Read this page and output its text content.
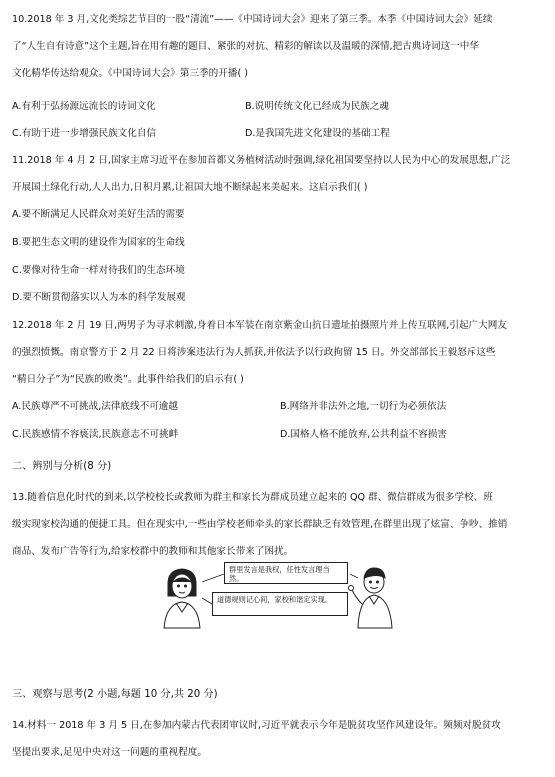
10.2018 年 3 月,文化类综艺节目的一股“清流”——《中国诗词大会》迎来了第三季。本季《中国诗词大会》延续
了“人生自有诗意”这个主题,旨在用有趣的题目、紧张的对抗、精彩的解读以及温暖的深情,把古典诗词这一中华
文化精华传达给观众。《中国诗词大会》第三季的开播( )
A.有利于弘扬源远流长的诗词文化	B.说明传统文化已经成为民族之魂
C.有助于进一步增强民族文化自信	D.是我国先进文化建设的基础工程
11.2018 年 4 月 2 日,国家主席习近平在参加首都义务植树活动时强调,绿化祖国要坚持以人民为中心的发展思想,广泛
开展国土绿化行动,人人出力,日积月累,让祖国大地不断绿起来美起来。这启示我们( )
A.要不断满足人民群众对美好生活的需要
B.要把生态文明的建设作为国家的生命线
C.要像对待生命一样对待我们的生态环境
D.要不断贯彻落实以人为本的科学发展观
12.2018 年 2 月 19 日,两男子为寻求刺激,身着日本军装在南京紫金山抗日遗址拍摄照片并上传互联网,引起广大网友
的强烈愤慨。南京警方于 2 月 22 日将涉案违法行为人抓获,并依法予以行政拘留 15 日。外交部部长王毅怒斥这些
“精日分子”为“民族的败类”。此事件给我们的启示有( )
A.民族尊严不可挑战,法律底线不可逾越	B.网络并非法外之地,一切行为必须依法
C.民族感情不容亵渎,民族意志不可挑衅	D.国格人格不能放弃,公共利益不容损害
二、辨别与分析(8 分)
13.随着信息化时代的到来,以学校校长或教师为群主和家长为群成员建立起来的 QQ 群、微信群成为很多学校、班
级实现家校沟通的便捷工具。但在现实中,一些由学校老师牵头的家长群缺乏有效管理,在群里出现了炫富、争吵、推销
商品、发布广告等行为,给家校群中的教师和其他家长带来了困扰。
群里发言是我权，任性发言理当然。
道德规则记心间，家校和谐定实现。
三、观察与思考(2 小题,每题 10 分,共 20 分)
14.材料一 2018 年 3 月 5 日,在参加内蒙古代表团审议时,习近平就表示今年是脱贫攻坚作风建设年。频频对脱贫攻
坚提出要求,足见中央对这一问题的重视程度。
